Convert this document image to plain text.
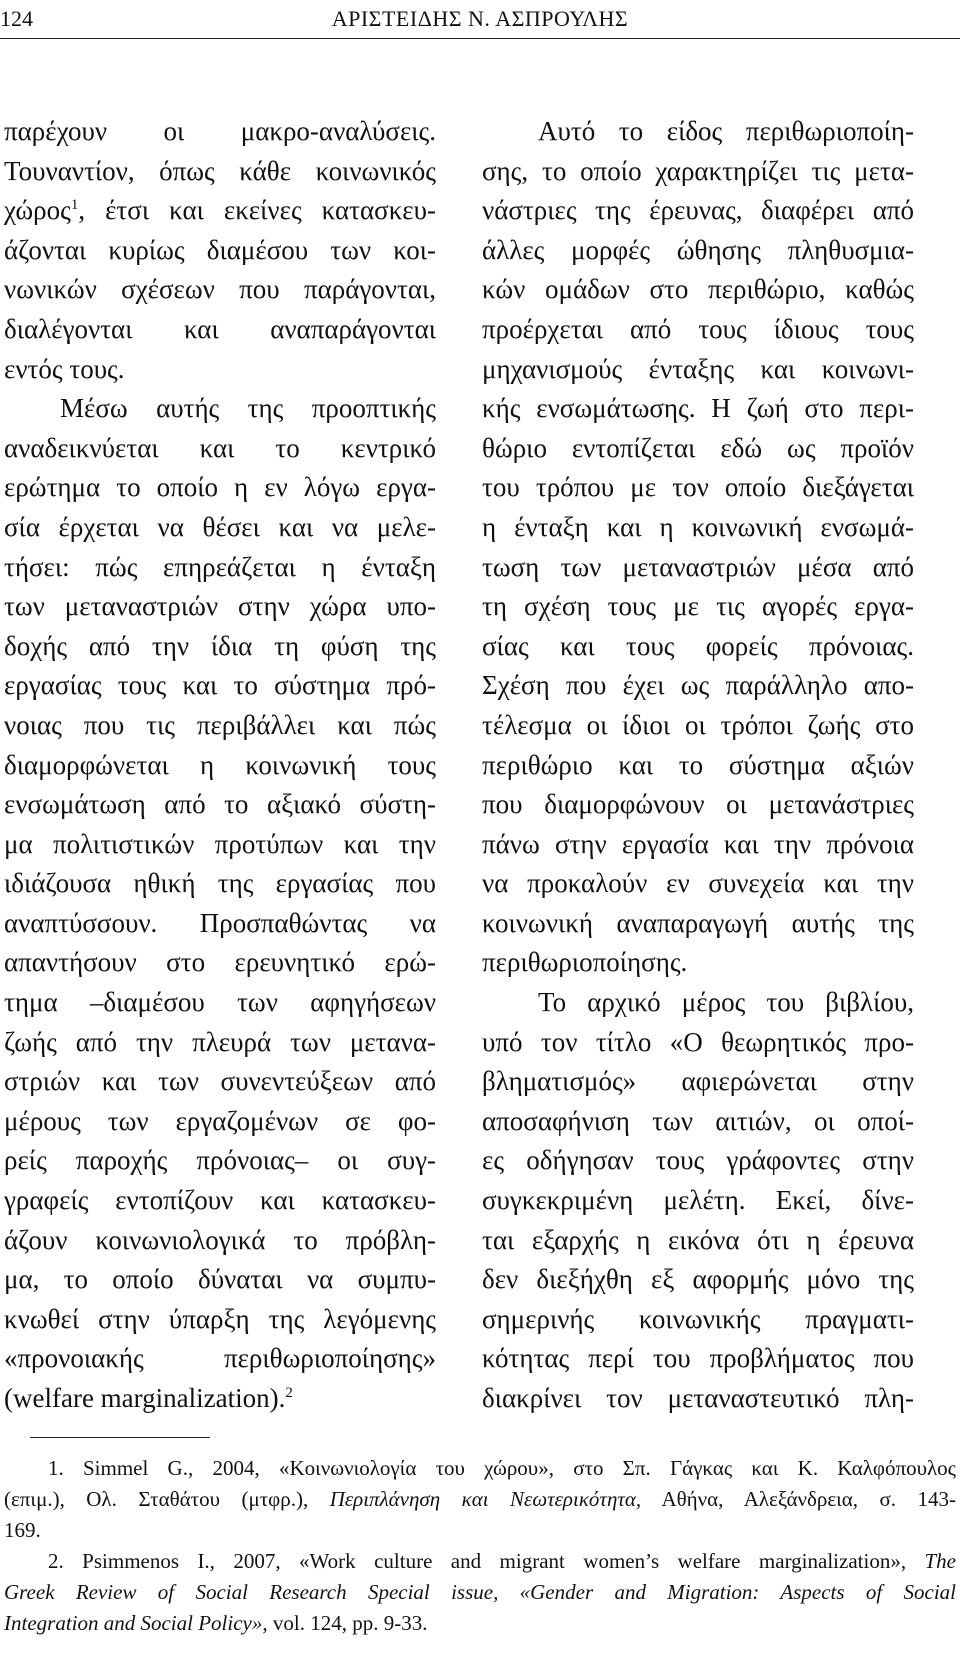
124	ΑΡΙΣΤΕΙΔΗΣ Ν. ΑΣΠΡΟΥΛΗΣ
παρέχουν οι μακρο-αναλύσεις.
Τουναντίον, όπως κάθε κοινωνικός
χώρος$^1$, έτσι και εκείνες κατασκευ-
άζονται κυρίως διαμέσου των κοι-
νωνικών σχέσεων που παράγονται,
διαλέγονται και αναπαράγονται
εντός τους.
Μέσω αυτής της προοπτικής
αναδεικνύεται και το κεντρικό
ερώτημα το οποίο η εν λόγω εργα-
σία έρχεται να θέσει και να μελε-
τήσει: πώς επηρεάζεται η ένταξη
των μεταναστριών στην χώρα υπο-
δοχής από την ίδια τη φύση της
εργασίας τους και το σύστημα πρό-
νοιας που τις περιβάλλει και πώς
διαμορφώνεται η κοινωνική τους
ενσωμάτωση από το αξιακό σύστη-
μα πολιτιστικών προτύπων και την
ιδιάζουσα ηθική της εργασίας που
αναπτύσσουν. Προσπαθώντας να
απαντήσουν στο ερευνητικό ερώ-
τημα –διαμέσου των αφηγήσεων
ζωής από την πλευρά των μετανα-
στριών και των συνεντεύξεων από
μέρους των εργαζομένων σε φο-
ρείς παροχής πρόνοιας– οι συγ-
γραφείς εντοπίζουν και κατασκευ-
άζουν κοινωνιολογικά το πρόβλη-
μα, το οποίο δύναται να συμπυ-
κνωθεί στην ύπαρξη της λεγόμενης
«προνοιακής περιθωριοποίησης»
(welfare marginalization).$^2$
Αυτό το είδος περιθωριοποίη-
σης, το οποίο χαρακτηρίζει τις μετα-
νάστριες της έρευνας, διαφέρει από
άλλες μορφές ώθησης πληθυσμια-
κών ομάδων στο περιθώριο, καθώς
προέρχεται από τους ίδιους τους
μηχανισμούς ένταξης και κοινωνι-
κής ενσωμάτωσης. Η ζωή στο περι-
θώριο εντοπίζεται εδώ ως προϊόν
του τρόπου με τον οποίο διεξάγεται
η ένταξη και η κοινωνική ενσωμά-
τωση των μεταναστριών μέσα από
τη σχέση τους με τις αγορές εργα-
σίας και τους φορείς πρόνοιας.
Σχέση που έχει ως παράλληλο απο-
τέλεσμα οι ίδιοι οι τρόποι ζωής στο
περιθώριο και το σύστημα αξιών
που διαμορφώνουν οι μετανάστριες
πάνω στην εργασία και την πρόνοια
να προκαλούν εν συνεχεία και την
κοινωνική αναπαραγωγή αυτής της
περιθωριοποίησης.
Το αρχικό μέρος του βιβλίου,
υπό τον τίτλο «Ο θεωρητικός προ-
βληματισμός» αφιερώνεται στην
αποσαφήνιση των αιτιών, οι οποί-
ες οδήγησαν τους γράφοντες στην
συγκεκριμένη μελέτη. Εκεί, δίνε-
ται εξαρχής η εικόνα ότι η έρευνα
δεν διεξήχθη εξ αφορμής μόνο της
σημερινής κοινωνικής πραγματι-
κότητας περί του προβλήματος που
διακρίνει τον μεταναστευτικό πλη-
1. Simmel G., 2004, «Κοινωνιολογία του χώρου», στο Σπ. Γάγκας και Κ. Καλφόπουλος
(επιμ.), Ολ. Σταθάτου (μτφρ.), Περιπλάνηση και Νεωτερικότητα, Αθήνα, Αλεξάνδρεια, σ. 143-
169.
2. Psimmenos I., 2007, «Work culture and migrant women’s welfare marginalization», The
Greek Review of Social Research Special issue, «Gender and Migration: Aspects of Social
Integration and Social Policy», vol. 124, pp. 9-33.
